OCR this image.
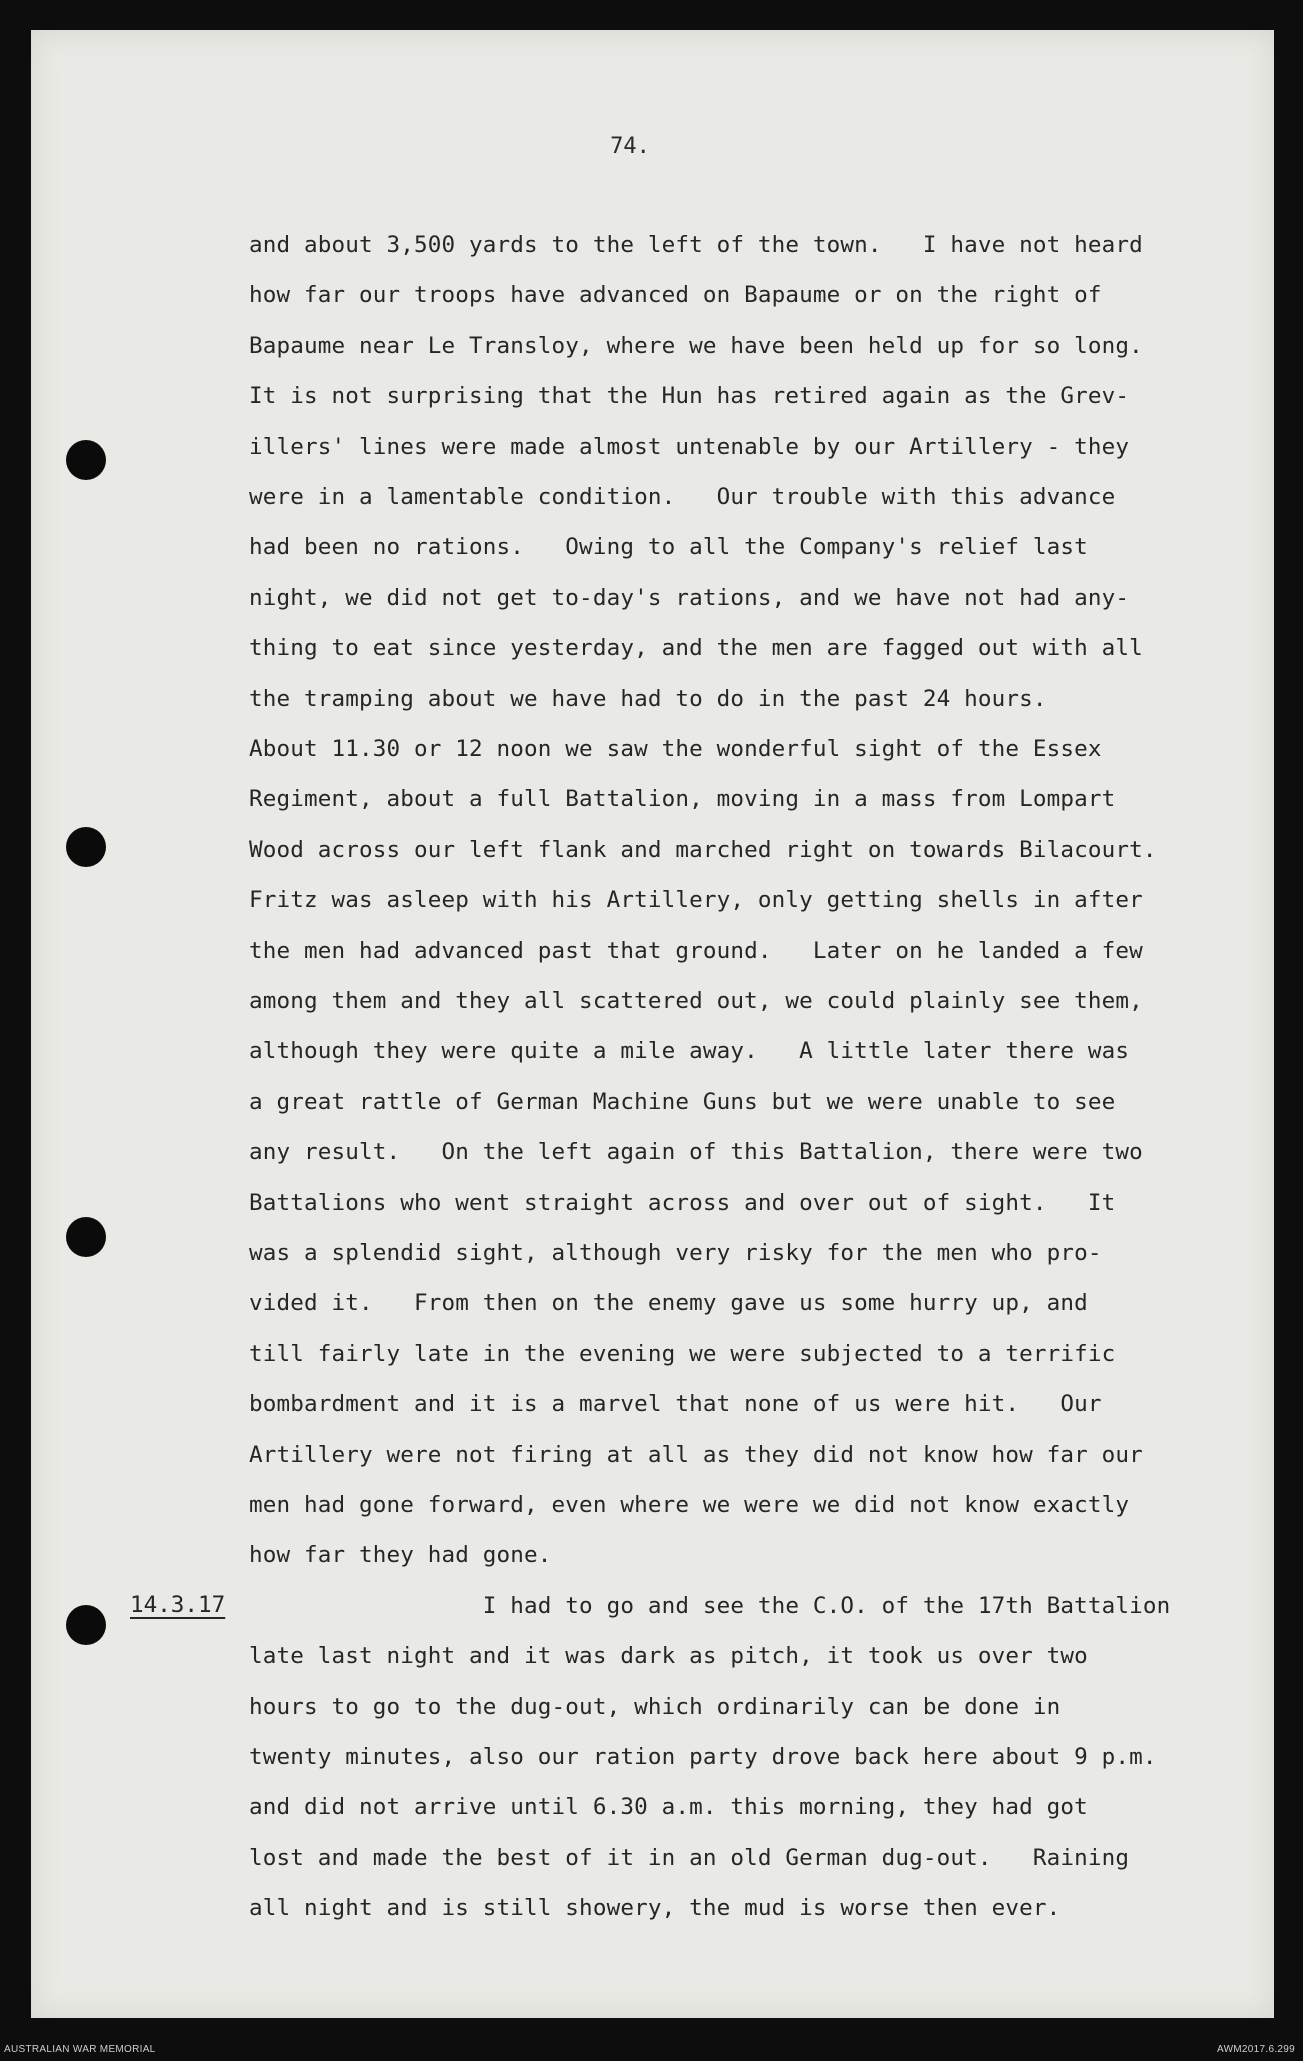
74.
14.3.17
and about 3,500 yards to the left of the town.   I have not heard
how far our troops have advanced on Bapaume or on the right of
Bapaume near Le Transloy, where we have been held up for so long.
It is not surprising that the Hun has retired again as the Grev-
illers' lines were made almost untenable by our Artillery - they
were in a lamentable condition.   Our trouble with this advance
had been no rations.   Owing to all the Company's relief last
night, we did not get to-day's rations, and we have not had any-
thing to eat since yesterday, and the men are fagged out with all
the tramping about we have had to do in the past 24 hours.
About 11.30 or 12 noon we saw the wonderful sight of the Essex
Regiment, about a full Battalion, moving in a mass from Lompart
Wood across our left flank and marched right on towards Bilacourt.
Fritz was asleep with his Artillery, only getting shells in after
the men had advanced past that ground.   Later on he landed a few
among them and they all scattered out, we could plainly see them,
although they were quite a mile away.   A little later there was
a great rattle of German Machine Guns but we were unable to see
any result.   On the left again of this Battalion, there were two
Battalions who went straight across and over out of sight.   It
was a splendid sight, although very risky for the men who pro-
vided it.   From then on the enemy gave us some hurry up, and
till fairly late in the evening we were subjected to a terrific
bombardment and it is a marvel that none of us were hit.   Our
Artillery were not firing at all as they did not know how far our
men had gone forward, even where we were we did not know exactly
how far they had gone.
I had to go and see the C.O. of the 17th Battalion
late last night and it was dark as pitch, it took us over two
hours to go to the dug-out, which ordinarily can be done in
twenty minutes, also our ration party drove back here about 9 p.m.
and did not arrive until 6.30 a.m. this morning, they had got
lost and made the best of it in an old German dug-out.   Raining
all night and is still showery, the mud is worse then ever.
AUSTRALIAN WAR MEMORIAL	AWM2017.6.299
